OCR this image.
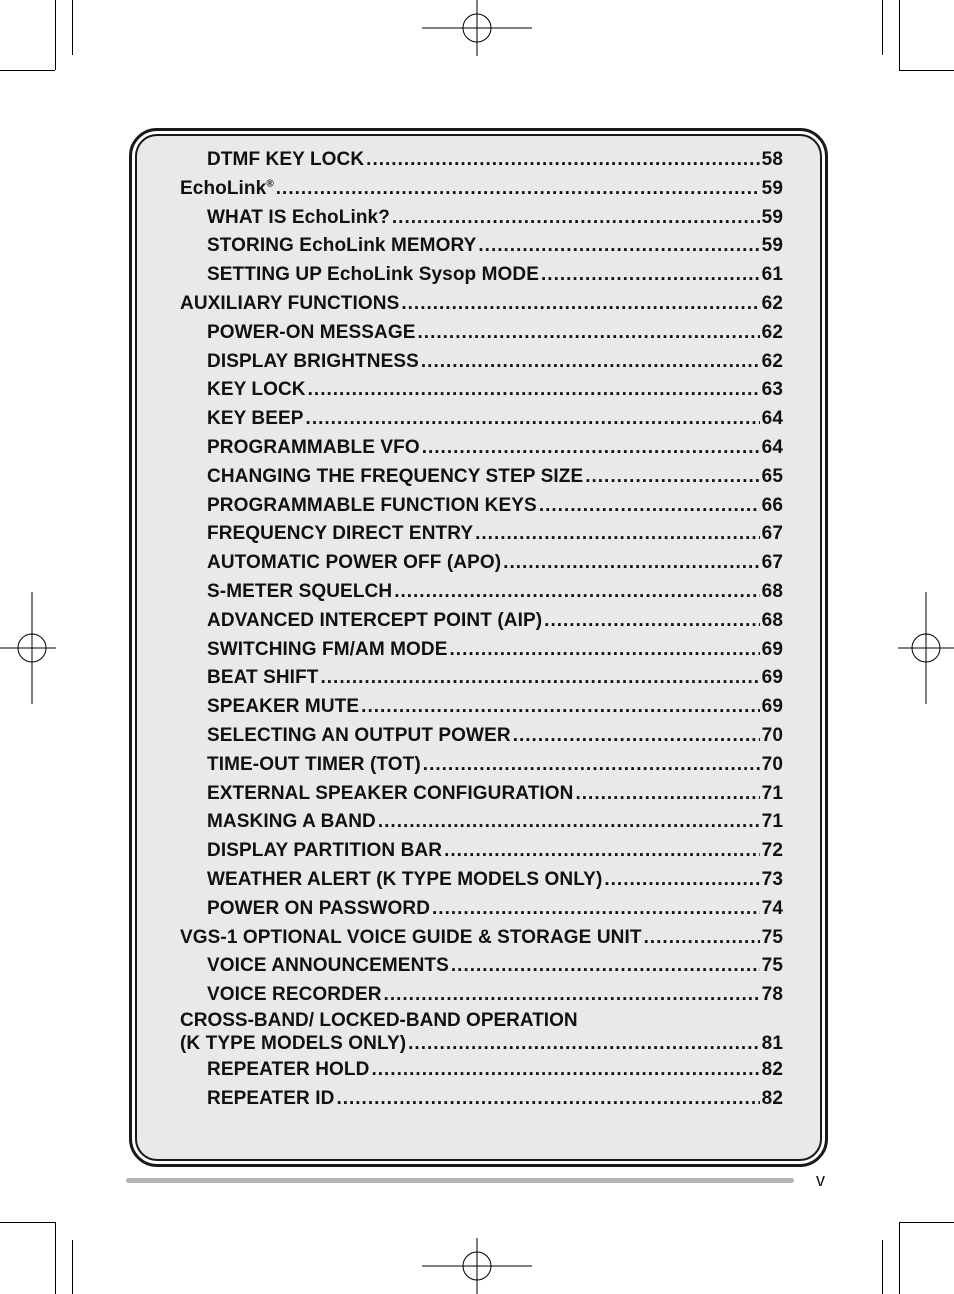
DTMF KEY LOCK .....	58
EchoLink® .....	59
WHAT IS EchoLink? .....	59
STORING EchoLink MEMORY .....	59
SETTING UP EchoLink Sysop MODE .....	61
AUXILIARY FUNCTIONS .....	62
POWER-ON MESSAGE .....	62
DISPLAY BRIGHTNESS .....	62
KEY LOCK .....	63
KEY BEEP .....	64
PROGRAMMABLE VFO .....	64
CHANGING THE FREQUENCY STEP SIZE .....	65
PROGRAMMABLE FUNCTION KEYS .....	66
FREQUENCY DIRECT ENTRY .....	67
AUTOMATIC POWER OFF (APO) .....	67
S-METER SQUELCH .....	68
ADVANCED INTERCEPT POINT (AIP) .....	68
SWITCHING FM/AM MODE .....	69
BEAT SHIFT .....	69
SPEAKER MUTE .....	69
SELECTING AN OUTPUT POWER .....	70
TIME-OUT TIMER (TOT) .....	70
EXTERNAL SPEAKER CONFIGURATION .....	71
MASKING A BAND .....	71
DISPLAY PARTITION BAR .....	72
WEATHER ALERT (K TYPE MODELS ONLY) .....	73
POWER ON PASSWORD .....	74
VGS-1 OPTIONAL VOICE GUIDE & STORAGE UNIT .....	75
VOICE ANNOUNCEMENTS .....	75
VOICE RECORDER .....	78
CROSS-BAND/ LOCKED-BAND OPERATION
(K TYPE MODELS ONLY) .....	81
REPEATER HOLD .....	82
REPEATER ID .....	82
v
